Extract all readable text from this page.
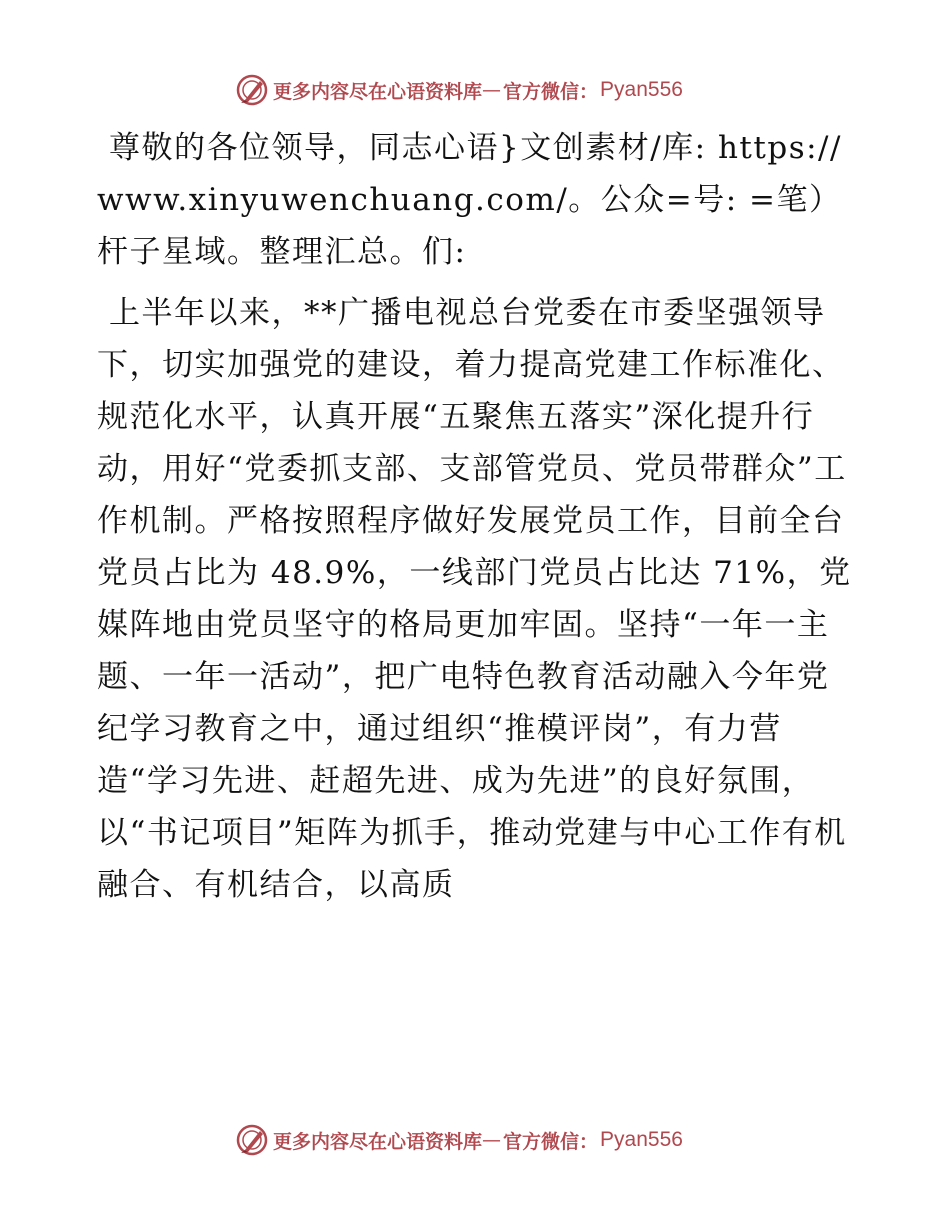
更多内容尽在心语资料库 — 官方微信： Pyan556

尊敬的各位领导，同志心语}文创素材/库: https://www.xinyuwenchuang.com/。公众=号: =笔）杆子星域。整理汇总。们:

上半年以来，**广播电视总台党委在市委坚强领导下，切实加强党的建设，着力提高党建工作标准化、规范化水平，认真开展“五聚焦五落实”深化提升行动，用好“党委抓支部、支部管党员、党员带群众”工作机制。严格按照程序做好发展党员工作，目前全台党员占比为 48.9%，一线部门党员占比达 71%，党媒阵地由党员坚守的格局更加牢固。坚持“一年一主题、一年一活动”，把广电特色教育活动融入今年党纪学习教育之中，通过组织“推模评岗”，有力营造“学习先进、赶超先进、成为先进”的良好氛围，以“书记项目”矩阵为抓手，推动党建与中心工作有机融合、有机结合，以高质

更多内容尽在心语资料库 — 官方微信： Pyan556
